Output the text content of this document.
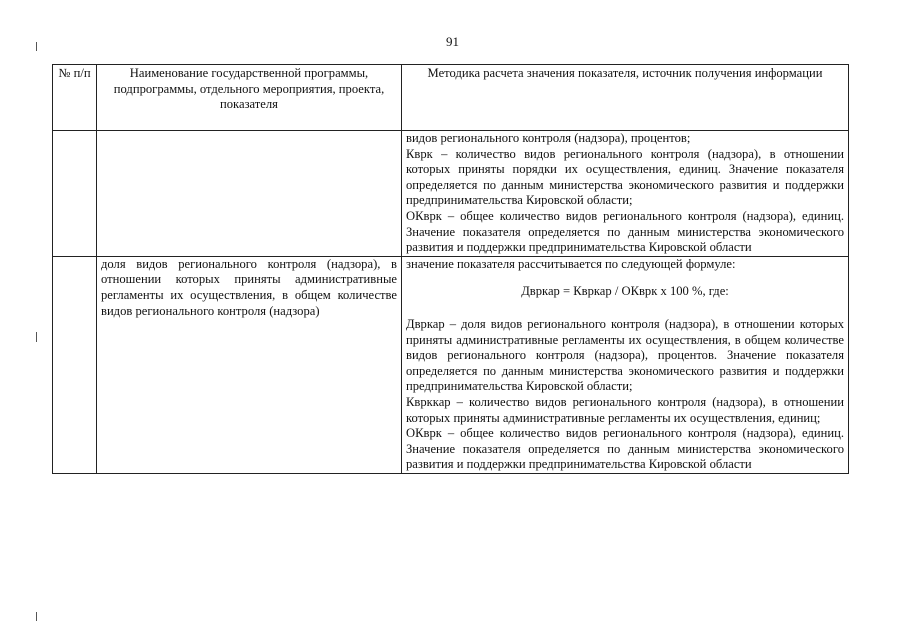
91
№ п/п	Наименование государственной программы, подпрограммы, отдельного мероприятия, проекта, показателя	Методика расчета значения показателя, источник получения информации

		видов регионального контроля (надзора), процентов;
Кврк – количество видов регионального контроля (надзора), в отношении которых приняты порядки их осуществления, единиц. Значение показателя определяется по данным министерства экономического развития и поддержки предпринимательства Кировской области;
ОКврк – общее количество видов регионального контроля (надзора), единиц. Значение показателя определяется по данным министерства экономического развития и поддержки предпринимательства Кировской области

	доля видов регионального контроля (надзора), в отношении которых приняты административные регламенты их осуществления, в общем количестве видов регионального контроля (надзора)	значение показателя рассчитывается по следующей формуле:
Двркар = Квркар / ОКврк x 100 %, где:
Двркар – доля видов регионального контроля (надзора), в отношении которых приняты административные регламенты их осуществления, в общем количестве видов регионального контроля (надзора), процентов. Значение показателя определяется по данным министерства экономического развития и поддержки предпринимательства Кировской области;
Кврккар – количество видов регионального контроля (надзора), в отношении которых приняты административные регламенты их осуществления, единиц;
ОКврк – общее количество видов регионального контроля (надзора), единиц. Значение показателя определяется по данным министерства экономического развития и поддержки предпринимательства Кировской области
